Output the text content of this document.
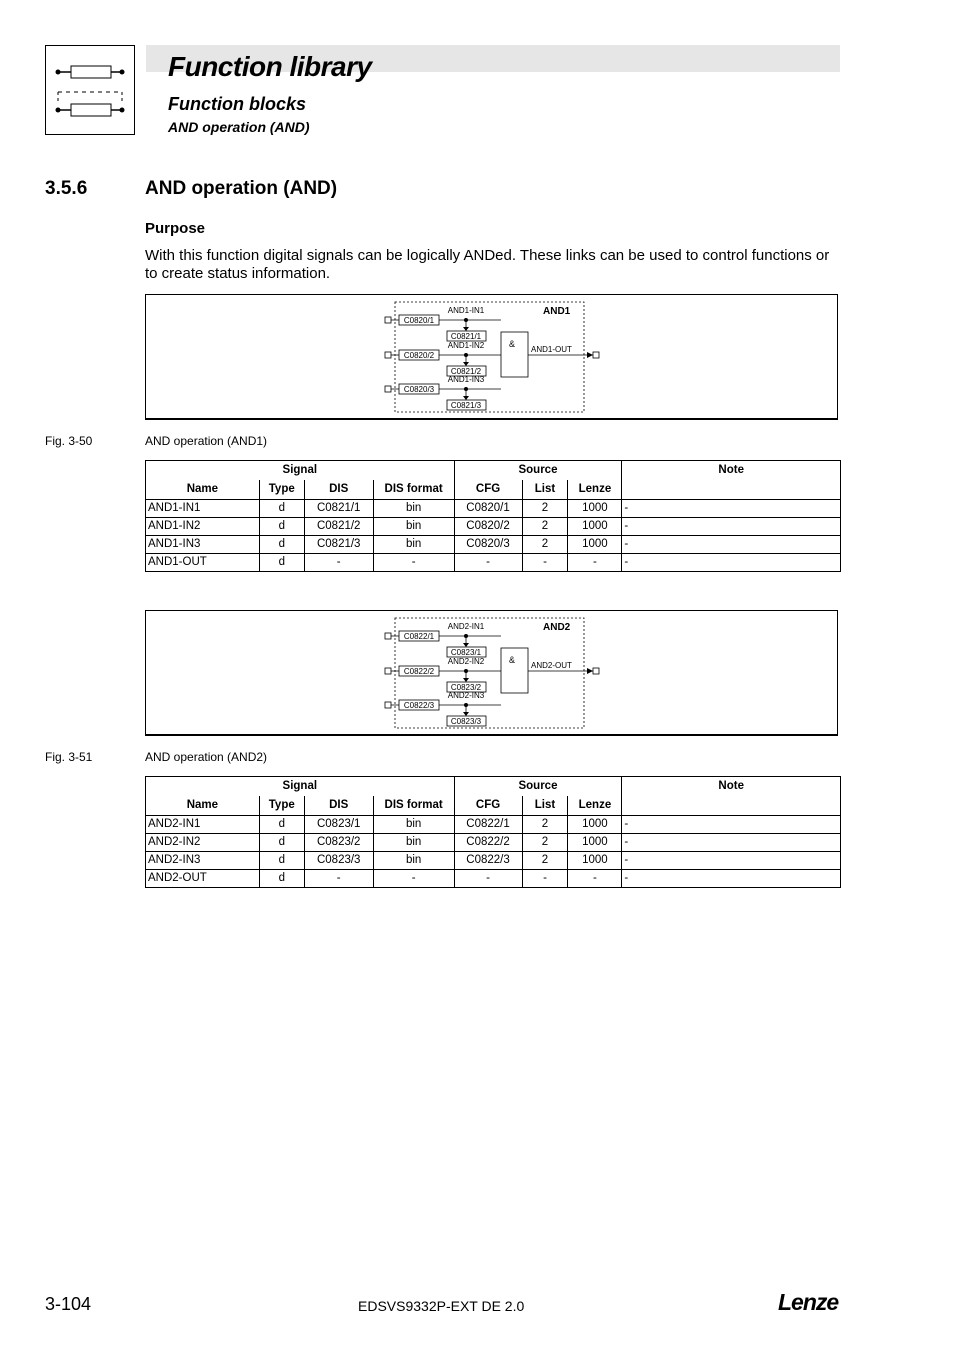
Function library
Function blocks
AND operation (AND)
3.5.6	AND operation (AND)
Purpose
With this function digital signals can be logically ANDed. These links can be used to control functions or to create status information.
AND1
&
C0820/1
AND1-IN1
C0821/1
C0820/2
AND1-IN2
C0821/2
C0820/3
AND1-IN3
C0821/3
AND1-OUT
Fig. 3-50	AND operation (AND1)
Signal				Source			Note
Name	Type	DIS	DIS format	CFG	List	Lenze	
AND1-IN1	d	C0821/1	bin	C0820/1	2	1000	-
AND1-IN2	d	C0821/2	bin	C0820/2	2	1000	-
AND1-IN3	d	C0821/3	bin	C0820/3	2	1000	-
AND1-OUT	d	-	-	-	-	-	-
AND2
&
C0822/1
AND2-IN1
C0823/1
C0822/2
AND2-IN2
C0823/2
C0822/3
AND2-IN3
C0823/3
AND2-OUT
Fig. 3-51	AND operation (AND2)
Signal				Source			Note
Name	Type	DIS	DIS format	CFG	List	Lenze	
AND2-IN1	d	C0823/1	bin	C0822/1	2	1000	-
AND2-IN2	d	C0823/2	bin	C0822/2	2	1000	-
AND2-IN3	d	C0823/3	bin	C0822/3	2	1000	-
AND2-OUT	d	-	-	-	-	-	-
3-104	EDSVS9332P-EXT DE 2.0	Lenze
